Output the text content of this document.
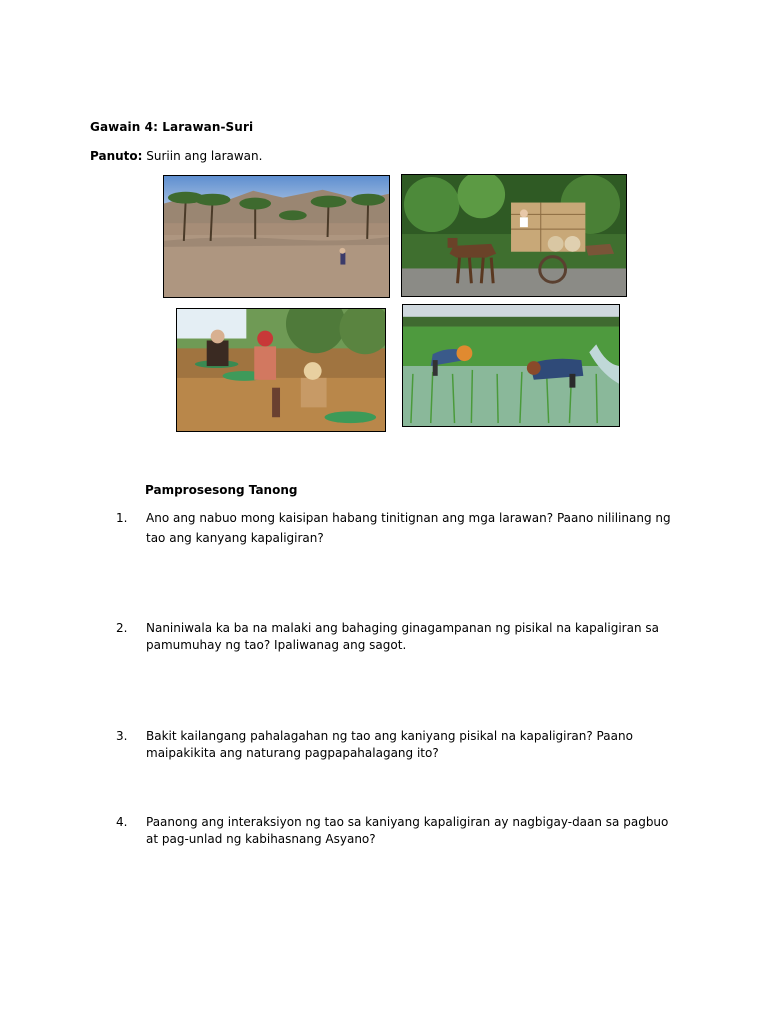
Gawain 4: Larawan-Suri
Panuto: Suriin ang larawan.
Pamprosesong Tanong
1.	Ano ang nabuo mong kaisipan habang tinitignan ang mga larawan? Paano nililinang ng tao ang kanyang kapaligiran?
2.	Naniniwala ka ba na malaki ang bahaging ginagampanan ng pisikal na kapaligiran sa pamumuhay ng tao? Ipaliwanag ang sagot.
3.	Bakit kailangang pahalagahan ng tao ang kaniyang pisikal na kapaligiran? Paano maipakikita ang naturang pagpapahalagang ito?
4.	Paanong ang interaksiyon ng tao sa kaniyang kapaligiran ay nagbigay-daan sa pagbuo at pag-unlad ng kabihasnang Asyano?
